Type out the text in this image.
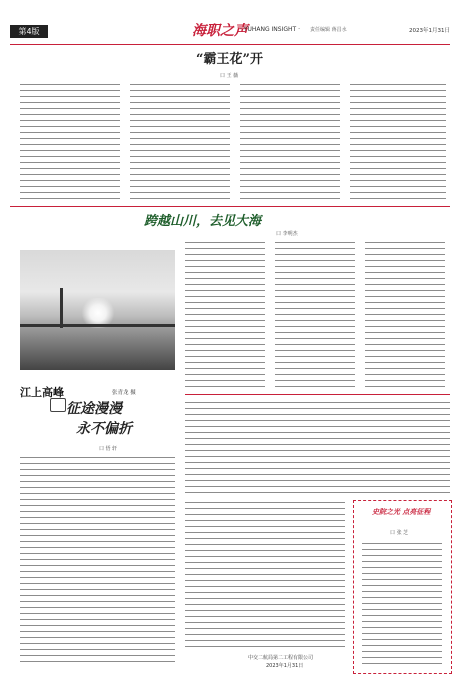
第4版	海职之声
· YUHANG INSIGHT · 责任编辑 蒋昌水	2023年1月31日
“霸王花”开
口 王 薇
跨越山川，去见大海
口 李明杰
江上高峰	张青龙 摄
征途漫漫
永不偏折
口 悟 轩
史院之光 点亮征程
口 张 芝
中交二航局第二工程有限公司
2023年1月31日
